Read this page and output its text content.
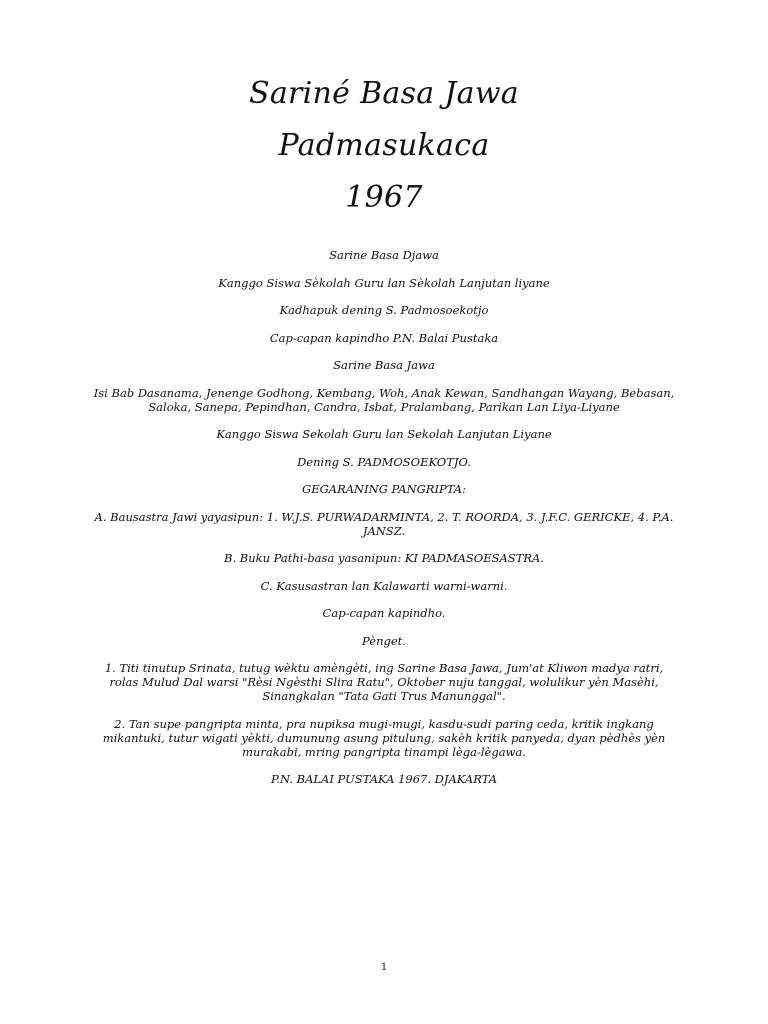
Sariné Basa Jawa

Padmasukaca

1967

Sarine Basa Djawa

Kanggo Siswa Sèkolah Guru lan Sèkolah Lanjutan liyane

Kadhapuk dening S. Padmosoekotjo

Cap-capan kapindho P.N. Balai Pustaka

Sarine Basa Jawa

Isi Bab Dasanama, Jenenge Godhong, Kembang, Woh, Anak Kewan, Sandhangan Wayang, Bebasan, Saloka, Sanepa, Pepindhan, Candra, Isbat, Pralambang, Parikan Lan Liya-Liyane

Kanggo Siswa Sekolah Guru lan Sekolah Lanjutan Liyane

Dening S. PADMOSOEKOTJO.

GEGARANING PANGRIPTA:

A. Bausastra Jawi yayasipun: 1. W.J.S. PURWADARMINTA, 2. T. ROORDA, 3. J.F.C. GERICKE, 4. P.A. JANSZ.

B. Buku Pathi-basa yasanipun: KI PADMASOESASTRA.

C. Kasusastran lan Kalawarti warni-warni.

Cap-capan kapindho.

Pènget.

1. Titi tinutup Srinata, tutug wèktu amèngèti, ing Sarine Basa Jawa, Jum'at Kliwon madya ratri, rolas Mulud Dal warsi "Rèsi Ngèsthi Slira Ratu", Oktober nuju tanggal, wolulikur yèn Masèhi, Sinangkalan "Tata Gati Trus Manunggal".

2. Tan supe pangripta minta, pra nupiksa mugi-mugi, kasdu-sudi paring ceda, kritik ingkang mikantuki, tutur wigati yèkti, dumunung asung pitulung, sakèh kritik panyeda, dyan pèdhès yèn murakabi, mring pangripta tinampi lèga-lègawa.

P.N. BALAI PUSTAKA 1967. DJAKARTA

1
